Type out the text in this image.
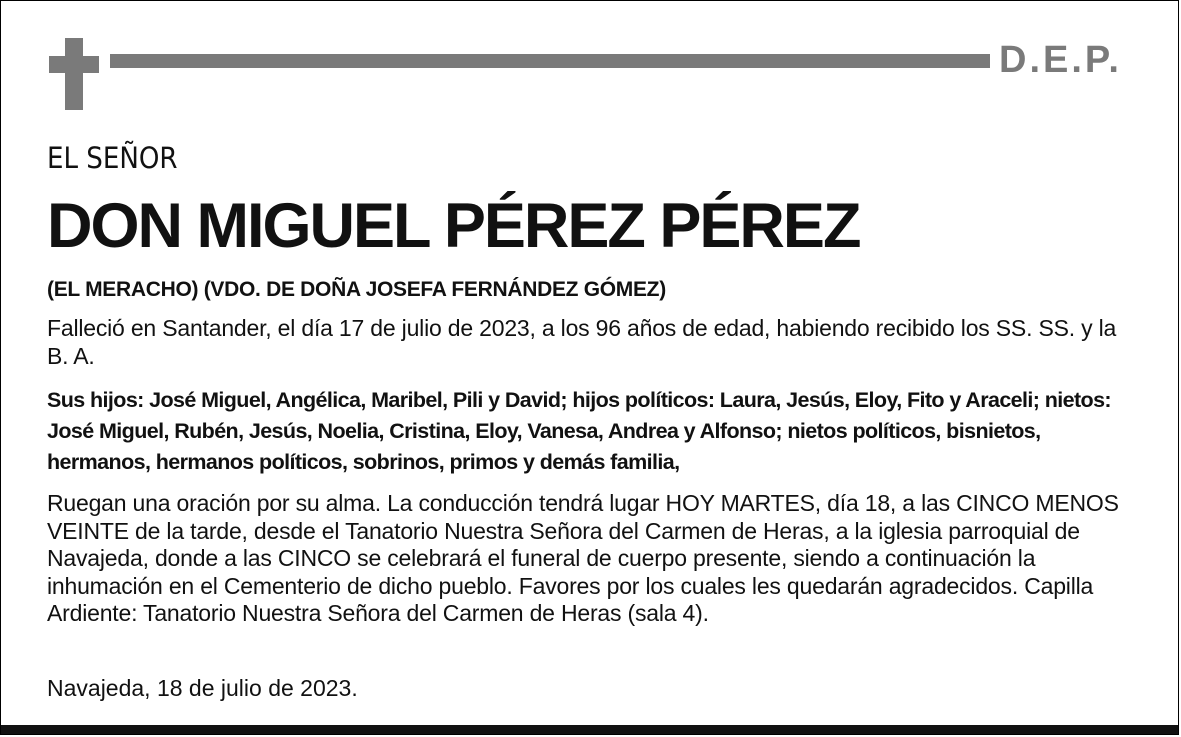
D.E.P.
EL SEÑOR
DON MIGUEL PÉREZ PÉREZ
(EL MERACHO) (VDO. DE DOÑA JOSEFA FERNÁNDEZ GÓMEZ)
Falleció en Santander, el día 17 de julio de 2023, a los 96 años de edad, habiendo recibido los SS. SS. y la B. A.
Sus hijos: José Miguel, Angélica, Maribel, Pili y David; hijos políticos: Laura, Jesús, Eloy, Fito y Araceli; nietos: José Miguel, Rubén, Jesús, Noelia, Cristina, Eloy, Vanesa, Andrea y Alfonso; nietos políticos, bisnietos, hermanos, hermanos políticos, sobrinos, primos y demás familia,
Ruegan una oración por su alma. La conducción tendrá lugar HOY MARTES, día 18, a las CINCO MENOS VEINTE de la tarde, desde el Tanatorio Nuestra Señora del Carmen de Heras, a la iglesia parroquial de Navajeda, donde a las CINCO se celebrará el funeral de cuerpo presente, siendo a continuación la inhumación en el Cementerio de dicho pueblo. Favores por los cuales les quedarán agradecidos. Capilla Ardiente: Tanatorio Nuestra Señora del Carmen de Heras (sala 4).
Navajeda, 18 de julio de 2023.
